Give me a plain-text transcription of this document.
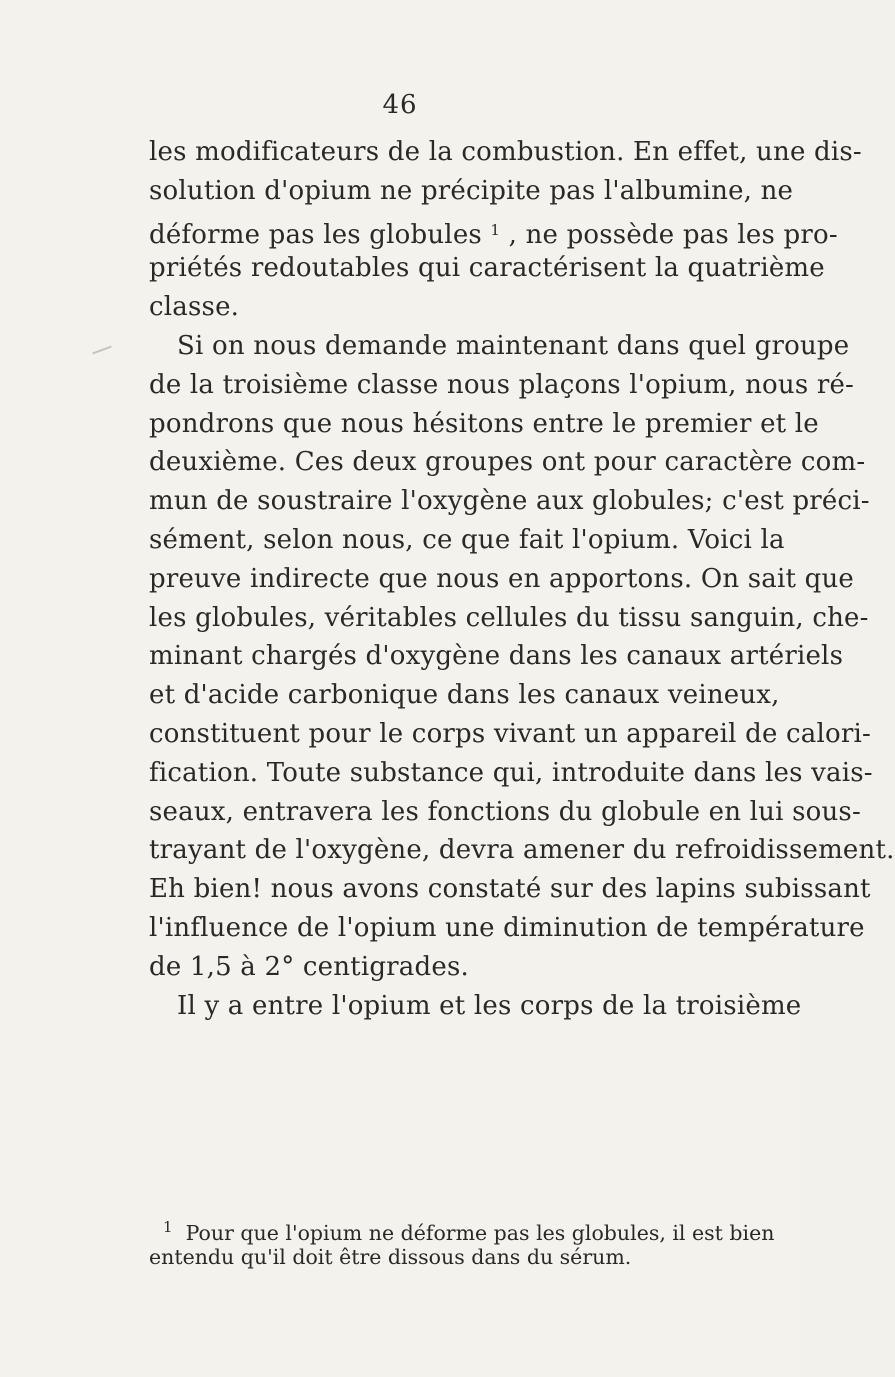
46
les modificateurs de la combustion. En effet, une dis-
solution d'opium ne précipite pas l'albumine, ne
déforme pas les globules $^1$ , ne possède pas les pro-
priétés redoutables qui caractérisent la quatrième
classe.
Si on nous demande maintenant dans quel groupe
de la troisième classe nous plaçons l'opium, nous ré-
pondrons que nous hésitons entre le premier et le
deuxième. Ces deux groupes ont pour caractère com-
mun de soustraire l'oxygène aux globules; c'est préci-
sément, selon nous, ce que fait l'opium. Voici la
preuve indirecte que nous en apportons. On sait que
les globules, véritables cellules du tissu sanguin, che-
minant chargés d'oxygène dans les canaux artériels
et d'acide carbonique dans les canaux veineux,
constituent pour le corps vivant un appareil de calori-
fication. Toute substance qui, introduite dans les vais-
seaux, entravera les fonctions du globule en lui sous-
trayant de l'oxygène, devra amener du refroidissement.
Eh bien! nous avons constaté sur des lapins subissant
l'influence de l'opium une diminution de température
de 1,5 à 2° centigrades.
Il y a entre l'opium et les corps de la troisième
$^1$ Pour que l'opium ne déforme pas les globules, il est bien
entendu qu'il doit être dissous dans du sérum.
